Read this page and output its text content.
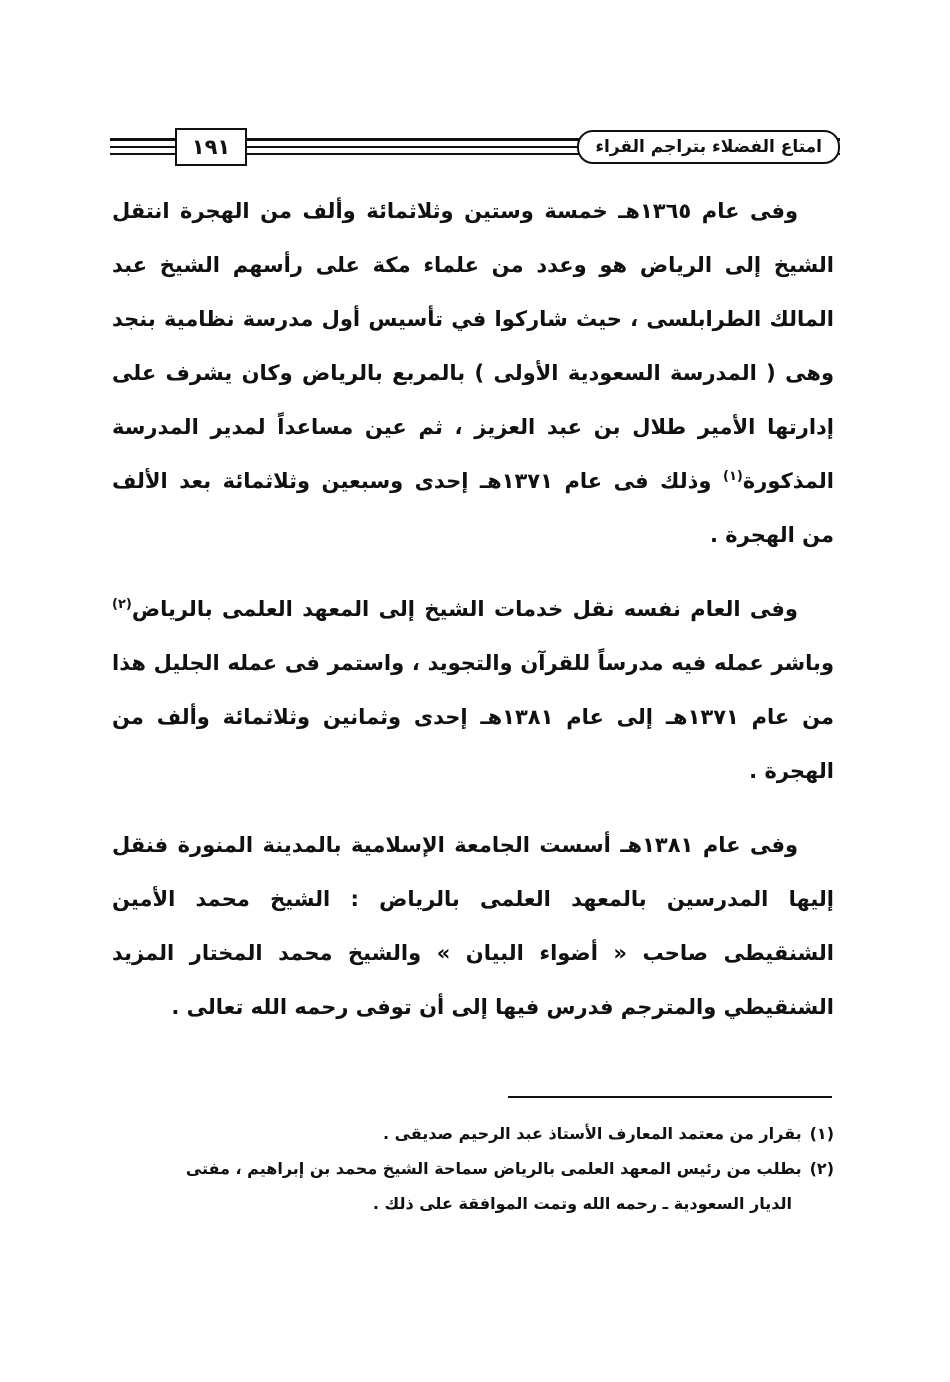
امتاع الفضلاء بتراجم القراء
١٩١

وفى عام ١٣٦٥هـ خمسة وستين وثلاثمائة وألف من الهجرة انتقل الشيخ إلى الرياض هو وعدد من علماء مكة على رأسهم الشيخ عبد المالك الطرابلسى ، حيث شاركوا في تأسيس أول مدرسة نظامية بنجد وهى ( المدرسة السعودية الأولى ) بالمربع بالرياض وكان يشرف على إدارتها الأمير طلال بن عبد العزيز ، ثم عين مساعداً لمدير المدرسة المذكورة$^{(١)}$ وذلك فى عام ١٣٧١هـ إحدى وسبعين وثلاثمائة بعد الألف من الهجرة .

وفى العام نفسه نقل خدمات الشيخ إلى المعهد العلمى بالرياض$^{(٢)}$ وباشر عمله فيه مدرساً للقرآن والتجويد ، واستمر فى عمله الجليل هذا من عام ١٣٧١هـ إلى عام ١٣٨١هـ إحدى وثمانين وثلاثمائة وألف من الهجرة .

وفى عام ١٣٨١هـ أسست الجامعة الإسلامية بالمدينة المنورة فنقل إليها المدرسين بالمعهد العلمى بالرياض : الشيخ محمد الأمين الشنقيطى صاحب « أضواء البيان » والشيخ محمد المختار المزيد الشنقيطي والمترجم فدرس فيها إلى أن توفى رحمه الله تعالى .

(١)بقرار من معتمد المعارف الأستاذ عبد الرحيم صديقى .

(٢)بطلب من رئيس المعهد العلمى بالرياض سماحة الشيخ محمد بن إبراهيم ، مفتى
الديار السعودية ـ رحمه الله وتمت الموافقة على ذلك .
